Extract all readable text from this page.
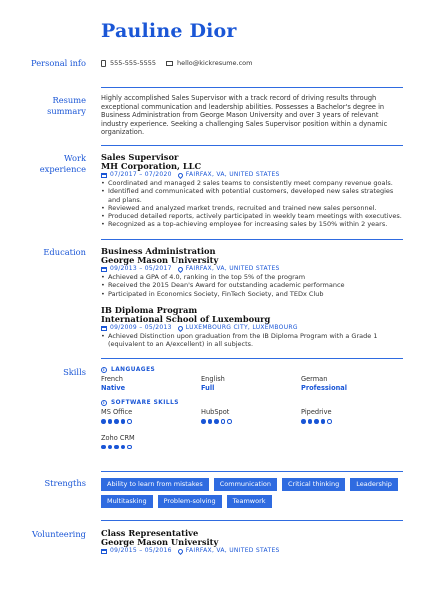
Pauline Dior
Personal info	555-555-5555	hello@kickresume.com
Resume
summary
Highly accomplished Sales Supervisor with a track record of driving results through exceptional communication and leadership abilities. Possesses a Bachelor's degree in Business Administration from George Mason University and over 3 years of relevant industry experience. Seeking a challenging Sales Supervisor position within a dynamic organization.
Work
experience
Sales Supervisor
MH Corporation, LLC
07/2017 – 07/2020 FAIRFAX, VA, UNITED STATES
• Coordinated and managed 2 sales teams to consistently meet company revenue goals.
• Identified and communicated with potential customers, developed new sales strategies and plans.
• Reviewed and analyzed market trends, recruited and trained new sales personnel.
• Produced detailed reports, actively participated in weekly team meetings with executives.
• Recognized as a top-achieving employee for increasing sales by 150% within 2 years.
Education Business Administration
George Mason University
09/2013 – 05/2017 FAIRFAX, VA, UNITED STATES
• Achieved a GPA of 4.0, ranking in the top 5% of the program
• Received the 2015 Dean's Award for outstanding academic performance
• Participated in Economics Society, FinTech Society, and TEDx Club
IB Diploma Program
International School of Luxembourg
09/2009 – 05/2013 LUXEMBOURG CITY, LUXEMBOURG
• Achieved Distinction upon graduation from the IB Diploma Program with a Grade 1 (equivalent to an A/excellent) in all subjects.
Skills	i	LANGUAGES
French
Native
English
Full
German
Professional
i	SOFTWARE SKILLS
MS Office	HubSpot	Pipedrive
Zoho CRM
Strengths	Ability to learn from mistakes	Communication	Critical thinking	Leadership
Multitasking	Problem-solving	Teamwork
Volunteering Class Representative
George Mason University
09/2015 – 05/2016 FAIRFAX, VA, UNITED STATES
